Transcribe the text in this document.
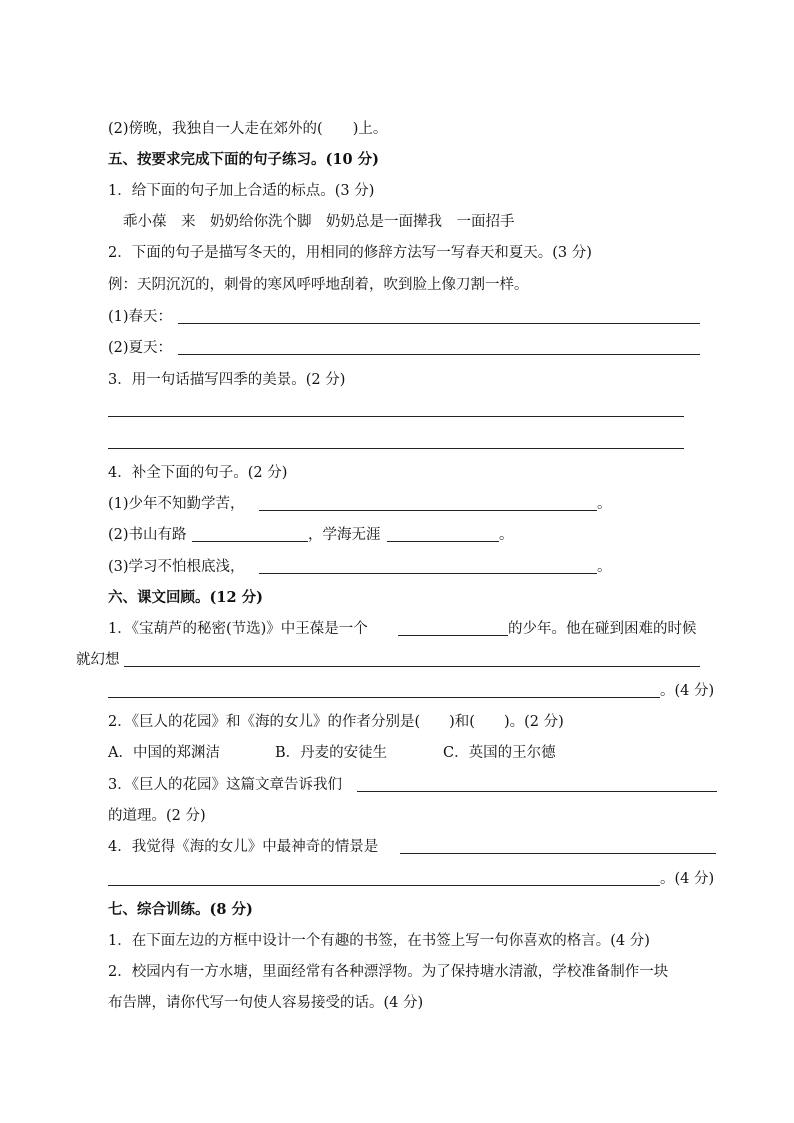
(2)傍晚，我独自一人走在郊外的( )上。
五、按要求完成下面的句子练习。(10 分)
1．给下面的句子加上合适的标点。(3 分)
乖小葆　来　奶奶给你洗个脚　奶奶总是一面撵我　一面招手
2．下面的句子是描写冬天的，用相同的修辞方法写一写春天和夏天。(3 分)
例：天阴沉沉的，刺骨的寒风呼呼地刮着，吹到脸上像刀割一样。
(1)春天：
(2)夏天：
3．用一句话描写四季的美景。(2 分)
4．补全下面的句子。(2 分)
(1)少年不知勤学苦，	。
(2)书山有路	，学海无涯	。
(3)学习不怕根底浅，	。
六、课文回顾。(12 分)
1．《宝葫芦的秘密(节选)》中王葆是一个	的少年。他在碰到困难的时候
就幻想
。(4 分)
2．《巨人的花园》和《海的女儿》的作者分别是(　　)和(　　)。(2 分)
A．中国的郑渊洁	B．丹麦的安徒生	C．英国的王尔德
3．《巨人的花园》这篇文章告诉我们
的道理。(2 分)
4．我觉得《海的女儿》中最神奇的情景是
。(4 分)
七、综合训练。(8 分)
1．在下面左边的方框中设计一个有趣的书签，在书签上写一句你喜欢的格言。(4 分)
2．校园内有一方水塘，里面经常有各种漂浮物。为了保持塘水清澈，学校准备制作一块
布告牌，请你代写一句使人容易接受的话。(4 分)
